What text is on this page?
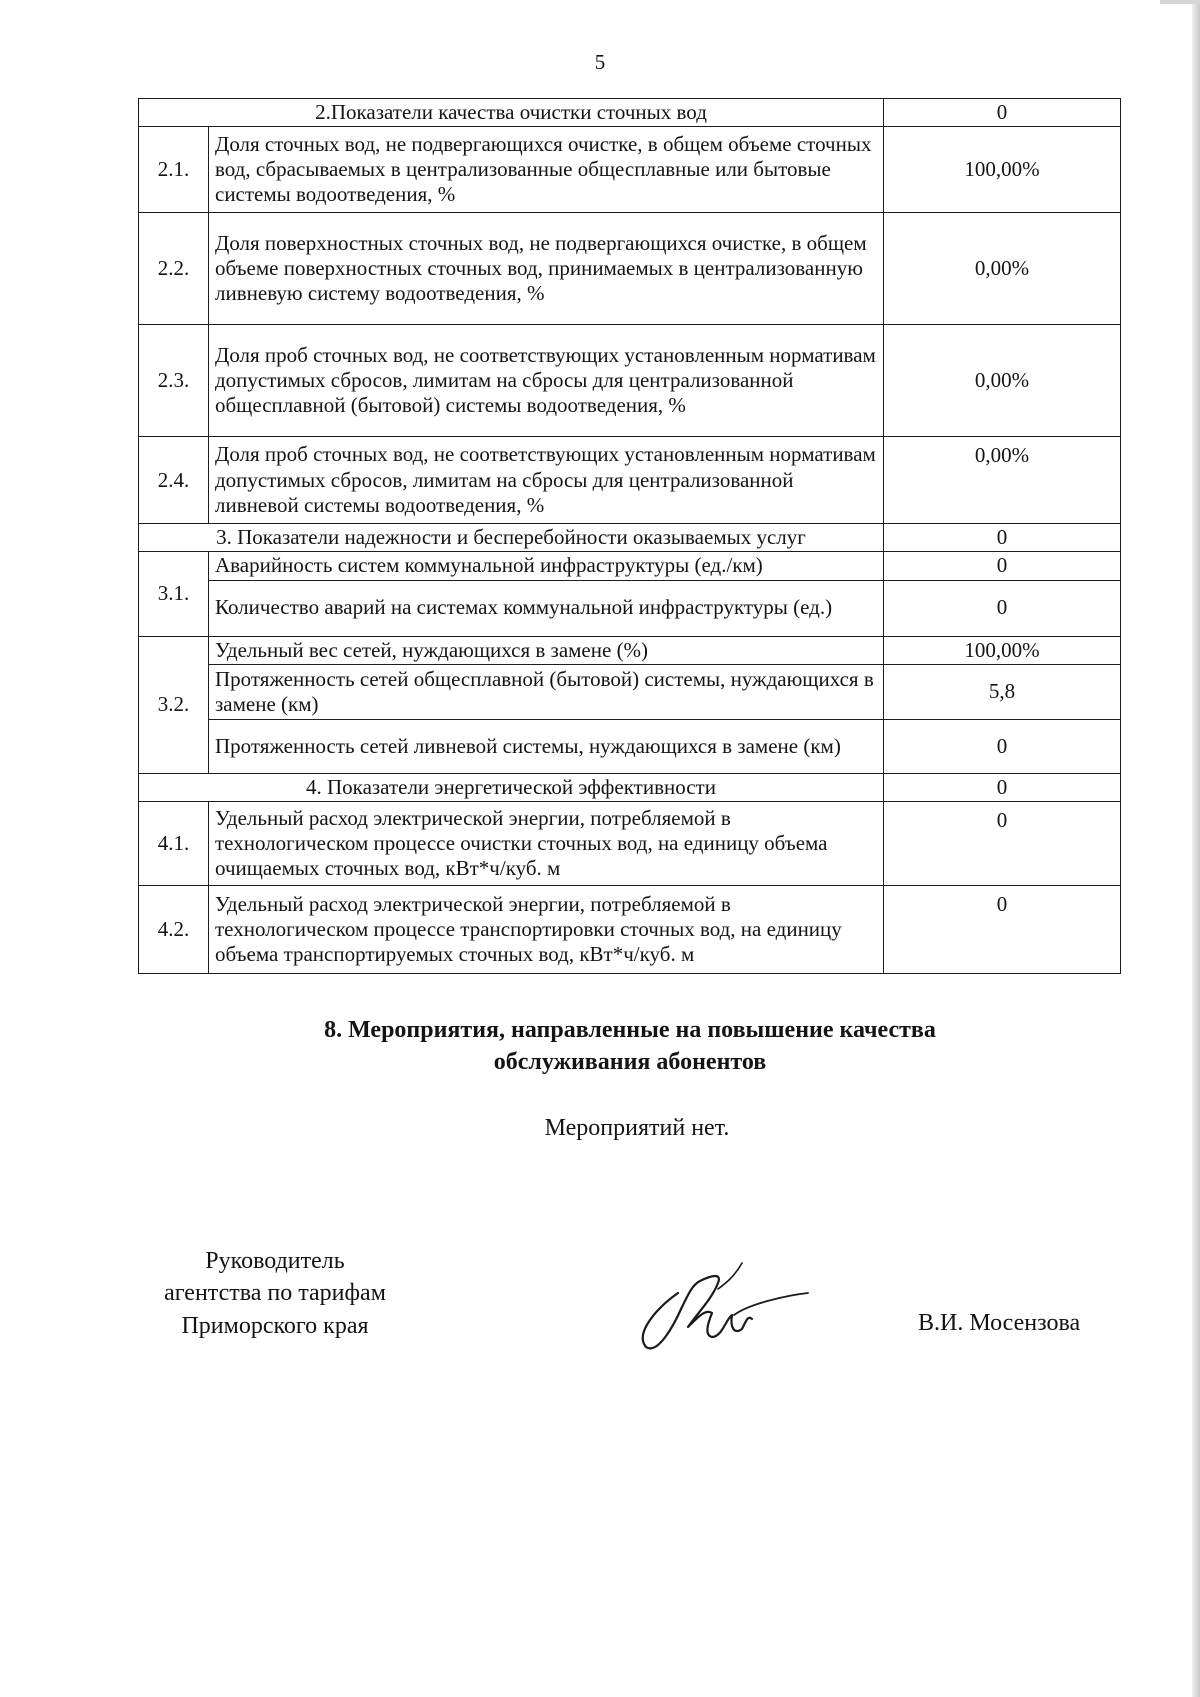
5
2.Показатели качества очистки сточных вод		0
2.1.	Доля сточных вод, не подвергающихся очистке, в общем объеме сточных вод, сбрасываемых в централизованные общесплавные или бытовые системы водоотведения, %	100,00%
2.2.	Доля поверхностных сточных вод, не подвергающихся очистке, в общем объеме поверхностных сточных вод, принимаемых в централизованную ливневую систему водоотведения, %	0,00%
2.3.	Доля проб сточных вод, не соответствующих установленным нормативам допустимых сбросов, лимитам на сбросы для централизованной общесплавной (бытовой) системы водоотведения, %	0,00%
2.4.	Доля проб сточных вод, не соответствующих установленным нормативам допустимых сбросов, лимитам на сбросы для централизованной ливневой системы водоотведения, %	0,00%
3. Показатели надежности и бесперебойности оказываемых услуг		0
3.1.	Аварийность систем коммунальной инфраструктуры (ед./км)	0
	Количество аварий на системах коммунальной инфраструктуры (ед.)	0
3.2.	Удельный вес сетей, нуждающихся в замене (%)	100,00%
	Протяженность сетей общесплавной (бытовой) системы, нуждающихся в замене (км)	5,8
	Протяженность сетей ливневой системы, нуждающихся в замене (км)	0
4. Показатели энергетической эффективности		0
4.1.	Удельный расход электрической энергии, потребляемой в технологическом процессе очистки сточных вод, на единицу объема очищаемых сточных вод, кВт*ч/куб. м	0
4.2.	Удельный расход электрической энергии, потребляемой в технологическом процессе транспортировки сточных вод, на единицу объема транспортируемых сточных вод, кВт*ч/куб. м	0
8. Мероприятия, направленные на повышение качества
обслуживания абонентов
Мероприятий нет.
Руководитель
агентства по тарифам
Приморского края	В.И. Мосензова
